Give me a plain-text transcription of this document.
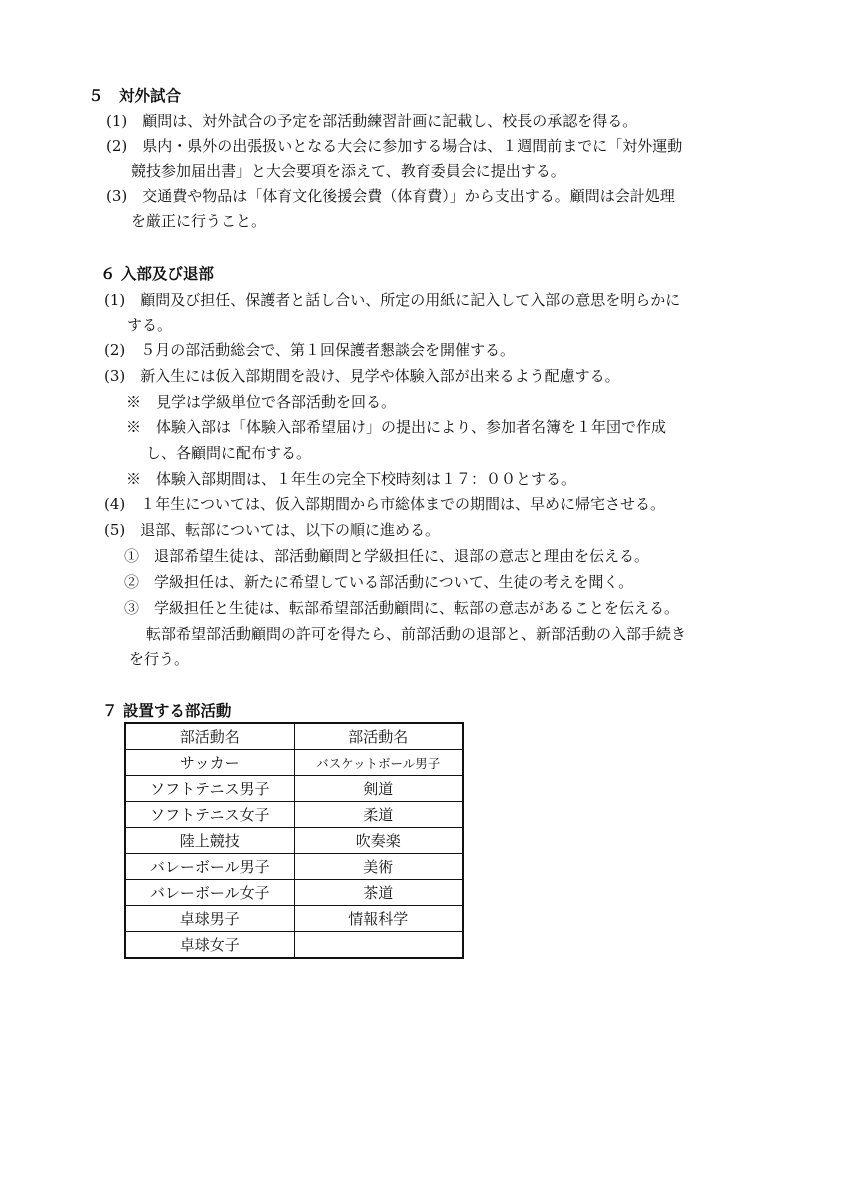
５　対外試合
(1)　顧問は、対外試合の予定を部活動練習計画に記載し、校長の承認を得る。
(2)　県内・県外の出張扱いとなる大会に参加する場合は、１週間前までに「対外運動
競技参加届出書」と大会要項を添えて、教育委員会に提出する。
(3)　交通費や物品は「体育文化後援会費（体育費）」から支出する。顧問は会計処理
を厳正に行うこと。
６ 入部及び退部
(1)　顧問及び担任、保護者と話し合い、所定の用紙に記入して入部の意思を明らかに
する。
(2)　５月の部活動総会で、第１回保護者懇談会を開催する。
(3)　新入生には仮入部期間を設け、見学や体験入部が出来るよう配慮する。
※　見学は学級単位で各部活動を回る。
※　体験入部は「体験入部希望届け」の提出により、参加者名簿を１年団で作成
し、各顧問に配布する。
※　体験入部期間は、１年生の完全下校時刻は１７：００とする。
(4)　１年生については、仮入部期間から市総体までの期間は、早めに帰宅させる。
(5)　退部、転部については、以下の順に進める。
①　退部希望生徒は、部活動顧問と学級担任に、退部の意志と理由を伝える。
②　学級担任は、新たに希望している部活動について、生徒の考えを聞く。
③　学級担任と生徒は、転部希望部活動顧問に、転部の意志があることを伝える。
転部希望部活動顧問の許可を得たら、前部活動の退部と、新部活動の入部手続き
を行う。
７ 設置する部活動
部活動名	部活動名
サッカー	バスケットボール男子
ソフトテニス男子	剣道
ソフトテニス女子	柔道
陸上競技	吹奏楽
バレーボール男子	美術
バレーボール女子	茶道
卓球男子	情報科学
卓球女子	
